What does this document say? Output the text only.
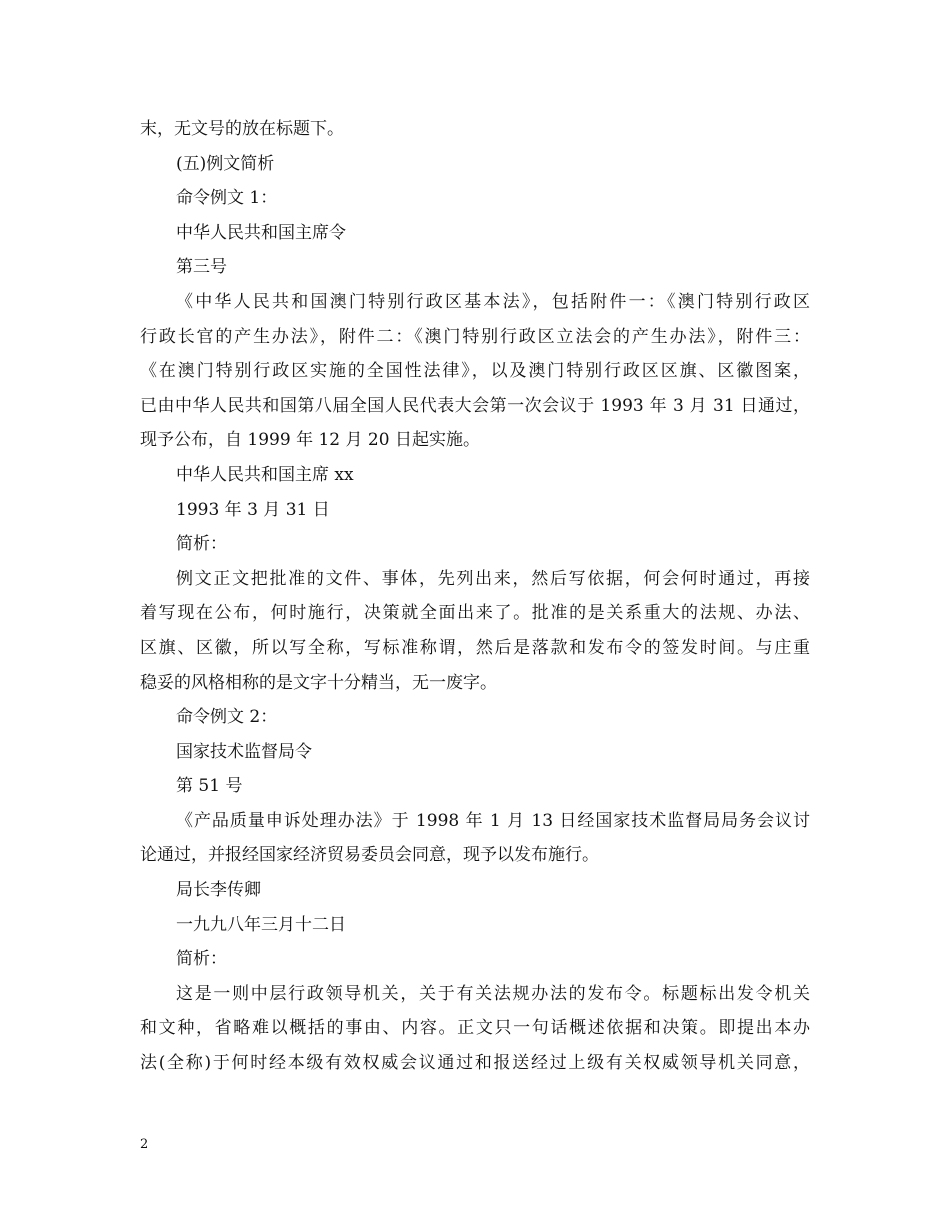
末，无文号的放在标题下。
(五)例文简析
命令例文 1：
中华人民共和国主席令
第三号
《中华人民共和国澳门特别行政区基本法》，包括附件一：《澳门特别行政区
行政长官的产生办法》，附件二：《澳门特别行政区立法会的产生办法》，附件三：
《在澳门特别行政区实施的全国性法律》，以及澳门特别行政区区旗、区徽图案，
已由中华人民共和国第八届全国人民代表大会第一次会议于 1993 年 3 月 31 日通过，
现予公布，自 1999 年 12 月 20 日起实施。
中华人民共和国主席 xx
1993 年 3 月 31 日
简析：
例文正文把批准的文件、事体，先列出来，然后写依据，何会何时通过，再接
着写现在公布，何时施行，决策就全面出来了。批准的是关系重大的法规、办法、
区旗、区徽，所以写全称，写标准称谓，然后是落款和发布令的签发时间。与庄重
稳妥的风格相称的是文字十分精当，无一废字。
命令例文 2：
国家技术监督局令
第 51 号
《产品质量申诉处理办法》于 1998 年 1 月 13 日经国家技术监督局局务会议讨
论通过，并报经国家经济贸易委员会同意，现予以发布施行。
局长李传卿
一九九八年三月十二日
简析：
这是一则中层行政领导机关，关于有关法规办法的发布令。标题标出发令机关
和文种，省略难以概括的事由、内容。正文只一句话概述依据和决策。即提出本办
法(全称)于何时经本级有效权威会议通过和报送经过上级有关权威领导机关同意，
2
